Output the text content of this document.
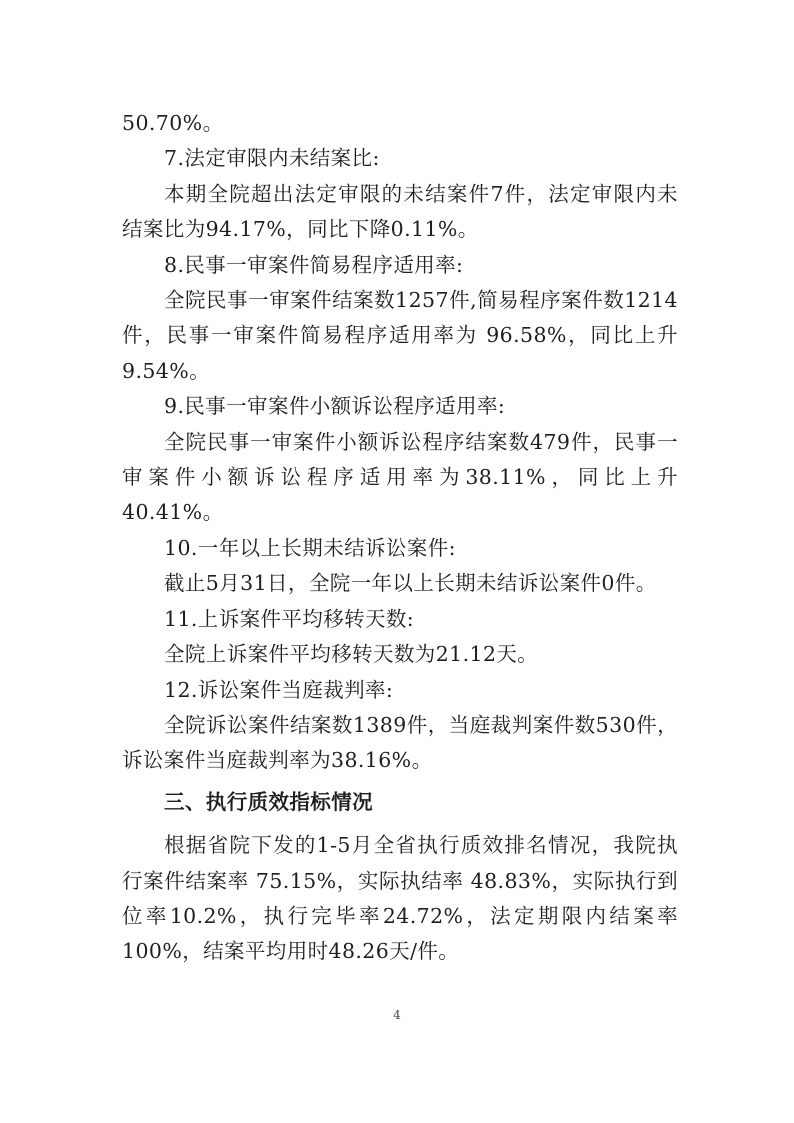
50.70%。

7.法定审限内未结案比:

本期全院超出法定审限的未结案件7件，法定审限内未结案比为94.17%，同比下降0.11%。

8.民事一审案件简易程序适用率:

全院民事一审案件结案数1257件,简易程序案件数1214件，民事一审案件简易程序适用率为 96.58%，同比上升9.54%。

9.民事一审案件小额诉讼程序适用率:

全院民事一审案件小额诉讼程序结案数479件，民事一审案件小额诉讼程序适用率为38.11%，同比上升40.41%。

10.一年以上长期未结诉讼案件:

截止5月31日，全院一年以上长期未结诉讼案件0件。

11.上诉案件平均移转天数:

全院上诉案件平均移转天数为21.12天。

12.诉讼案件当庭裁判率:

全院诉讼案件结案数1389件，当庭裁判案件数530件，诉讼案件当庭裁判率为38.16%。

三、执行质效指标情况

根据省院下发的1-5月全省执行质效排名情况，我院执行案件结案率 75.15%，实际执结率 48.83%，实际执行到位率10.2%，执行完毕率24.72%，法定期限内结案率100%，结案平均用时48.26天/件。

4
